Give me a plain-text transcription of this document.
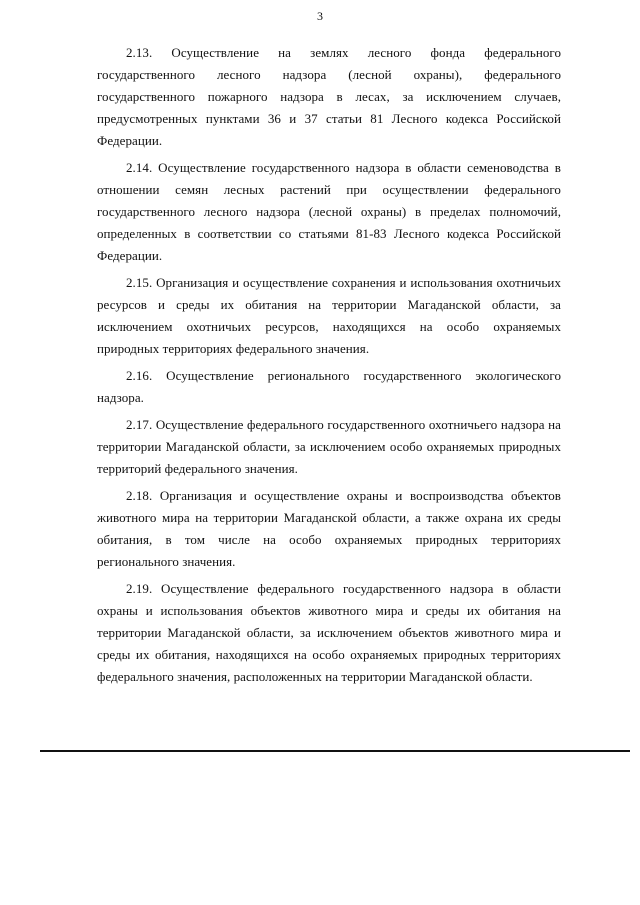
3

2.13. Осуществление на землях лесного фонда федерального государственного лесного надзора (лесной охраны), федерального государственного пожарного надзора в лесах, за исключением случаев, предусмотренных пунктами 36 и 37 статьи 81 Лесного кодекса Российской Федерации.

2.14. Осуществление государственного надзора в области семеноводства в отношении семян лесных растений при осуществлении федерального государственного лесного надзора (лесной охраны) в пределах полномочий, определенных в соответствии со статьями 81-83 Лесного кодекса Российской Федерации.

2.15. Организация и осуществление сохранения и использования охотничьих ресурсов и среды их обитания на территории Магаданской области, за исключением охотничьих ресурсов, находящихся на особо охраняемых природных территориях федерального значения.

2.16. Осуществление регионального государственного экологического надзора.

2.17. Осуществление федерального государственного охотничьего надзора на территории Магаданской области, за исключением особо охраняемых природных территорий федерального значения.

2.18. Организация и осуществление охраны и воспроизводства объектов животного мира на территории Магаданской области, а также охрана их среды обитания, в том числе на особо охраняемых природных территориях регионального значения.

2.19. Осуществление федерального государственного надзора в области охраны и использования объектов животного мира и среды их обитания на территории Магаданской области, за исключением объектов животного мира и среды их обитания, находящихся на особо охраняемых природных территориях федерального значения, расположенных на территории Магаданской области.
